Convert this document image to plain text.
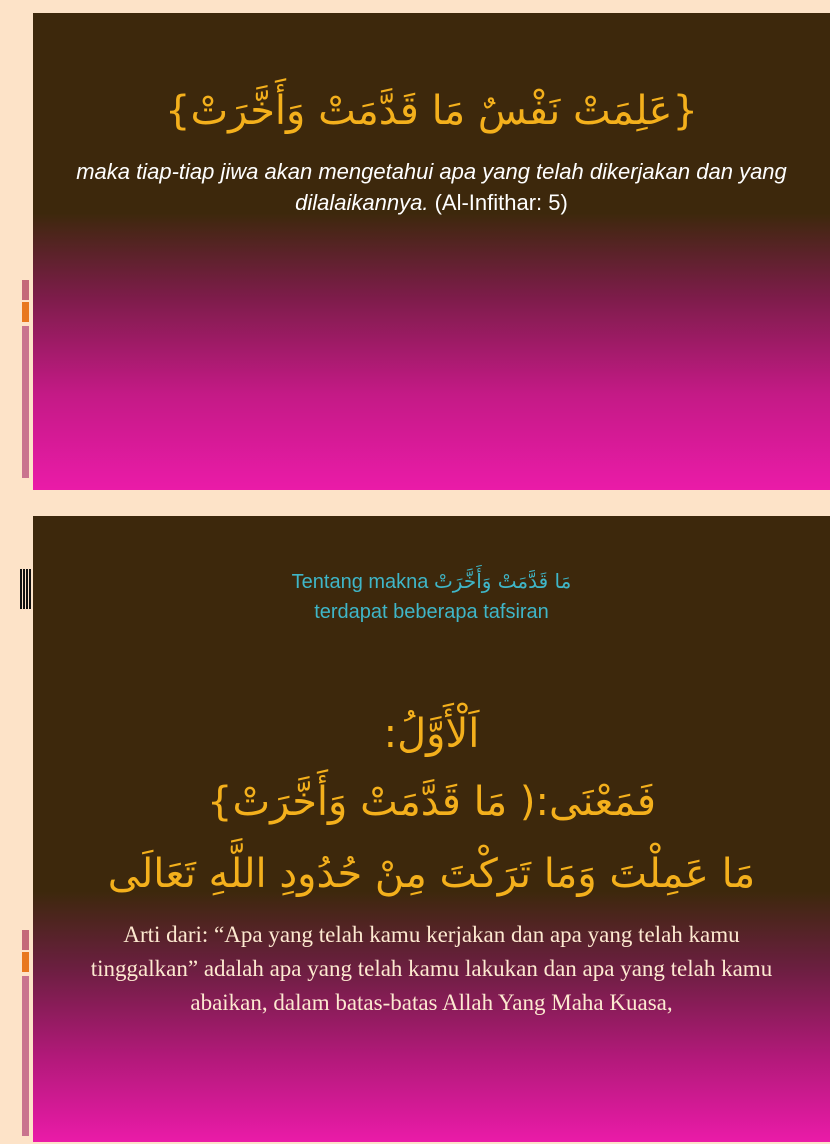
{عَلِمَتْ نَفْسٌ مَا قَدَّمَتْ وَأَخَّرَتْ}
maka tiap-tiap jiwa akan mengetahui apa yang telah dikerjakan dan yang dilalaikannya. (Al-Infithar: 5)
Tentang makna مَا قَدَّمَتْ وَأَخَّرَتْ
terdapat beberapa tafsiran
اَلْأَوَّلُ:
فَمَعْنَى:( مَا قَدَّمَتْ وَأَخَّرَتْ}
مَا عَمِلْتَ وَمَا تَرَكْتَ مِنْ حُدُودِ اللَّهِ تَعَالَى
Arti dari: “Apa yang telah kamu kerjakan dan apa yang telah kamu tinggalkan” adalah apa yang telah kamu lakukan dan apa yang telah kamu abaikan, dalam batas-batas Allah Yang Maha Kuasa,
